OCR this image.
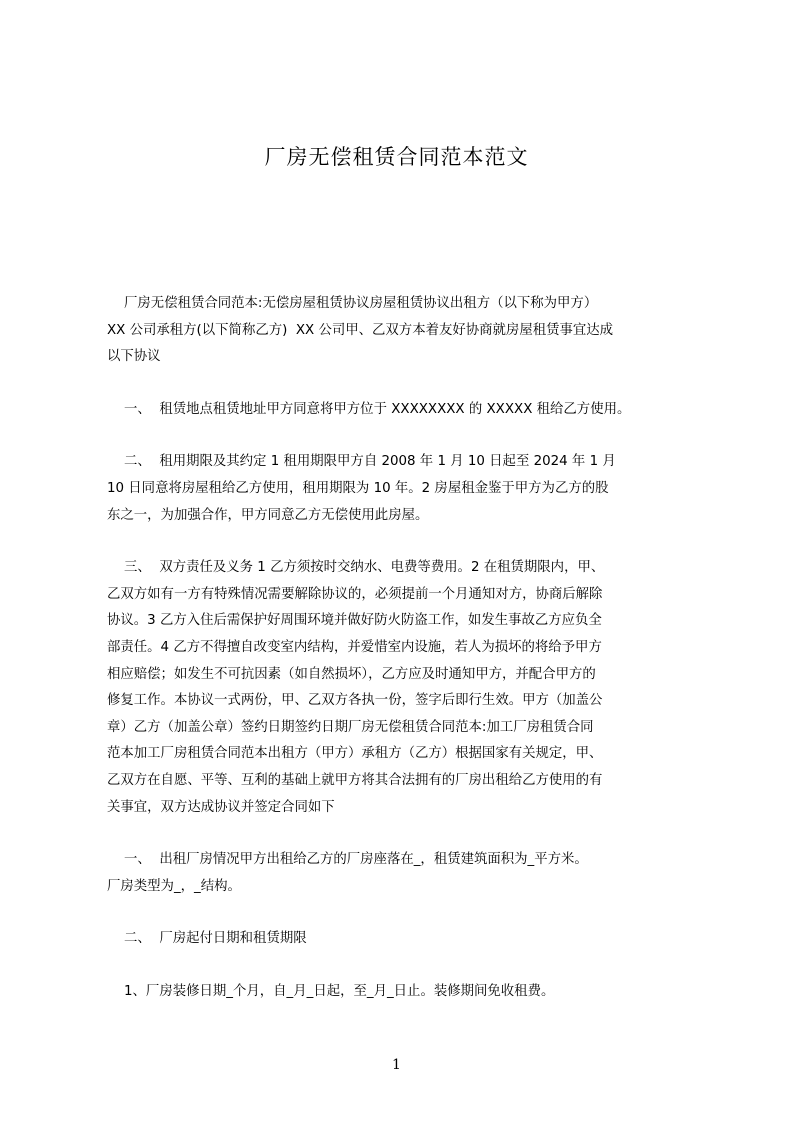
厂房无偿租赁合同范本范文
厂房无偿租赁合同范本:无偿房屋租赁协议房屋租赁协议出租方（以下称为甲方）
XX 公司承租方(以下简称乙方)  XX 公司甲、乙双方本着友好协商就房屋租赁事宜达成
以下协议
一、  租赁地点租赁地址甲方同意将甲方位于 XXXXXXXX 的 XXXXX 租给乙方使用。
二、  租用期限及其约定 1 租用期限甲方自 2008 年 1 月 10 日起至 2024 年 1 月
10 日同意将房屋租给乙方使用，租用期限为 10 年。2 房屋租金鉴于甲方为乙方的股
东之一，为加强合作，甲方同意乙方无偿使用此房屋。
三、  双方责任及义务 1 乙方须按时交纳水、电费等费用。2 在租赁期限内，甲、
乙双方如有一方有特殊情况需要解除协议的，必须提前一个月通知对方，协商后解除
协议。3 乙方入住后需保护好周围环境并做好防火防盗工作，如发生事故乙方应负全
部责任。4 乙方不得擅自改变室内结构，并爱惜室内设施，若人为损坏的将给予甲方
相应赔偿；如发生不可抗因素（如自然损坏），乙方应及时通知甲方，并配合甲方的
修复工作。本协议一式两份，甲、乙双方各执一份，签字后即行生效。甲方（加盖公
章）乙方（加盖公章）签约日期签约日期厂房无偿租赁合同范本:加工厂房租赁合同
范本加工厂房租赁合同范本出租方（甲方）承租方（乙方）根据国家有关规定，甲、
乙双方在自愿、平等、互利的基础上就甲方将其合法拥有的厂房出租给乙方使用的有
关事宜，双方达成协议并签定合同如下
一、  出租厂房情况甲方出租给乙方的厂房座落在_，租赁建筑面积为_平方米。
厂房类型为_，_结构。
二、  厂房起付日期和租赁期限
1、厂房装修日期_个月，自_月_日起，至_月_日止。装修期间免收租费。
1
